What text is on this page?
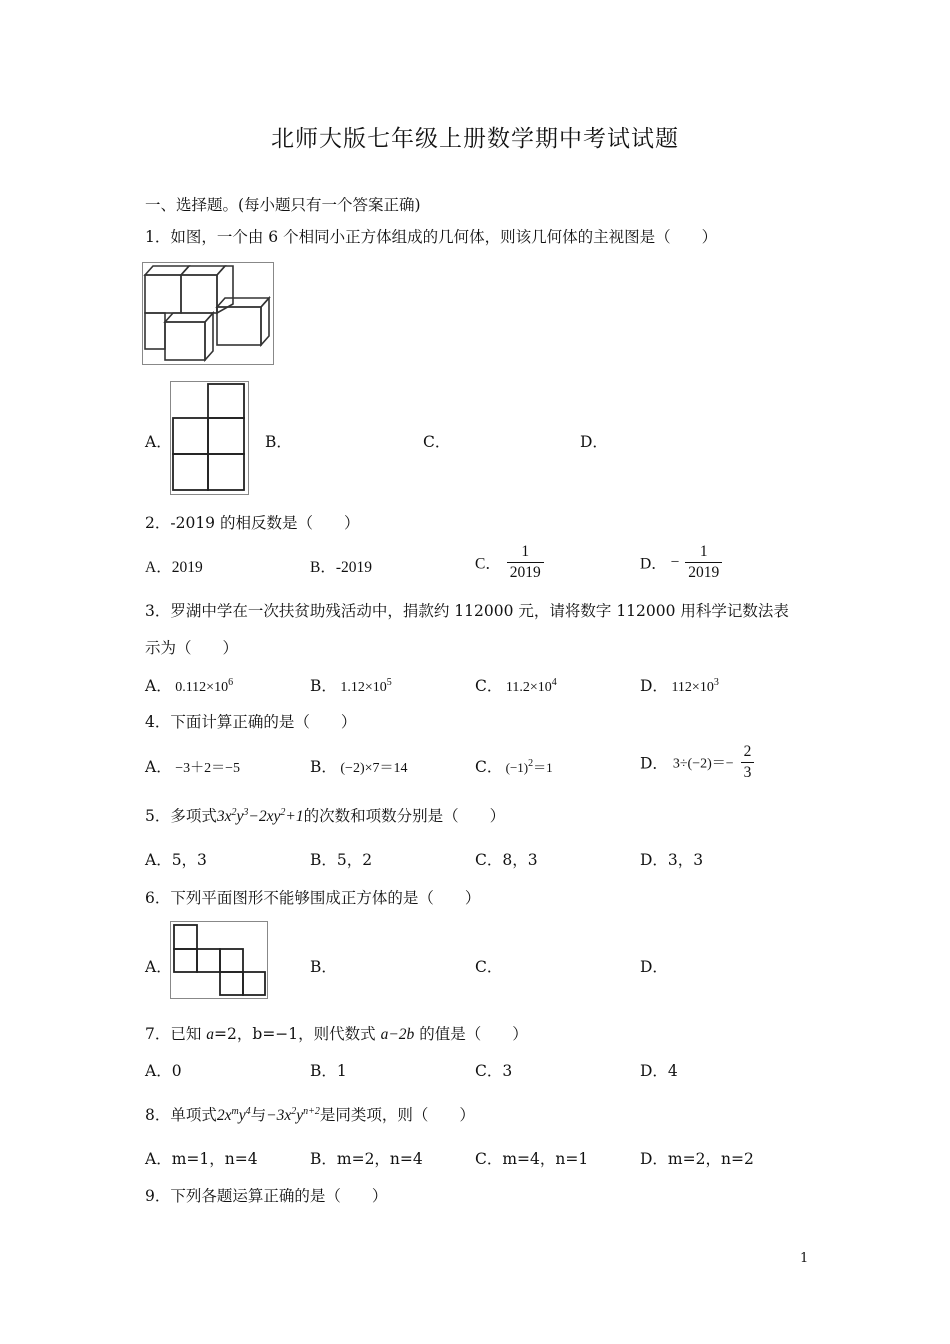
北师大版七年级上册数学期中考试试题
一、选择题。(每小题只有一个答案正确)
1．如图，一个由 6 个相同小正方体组成的几何体，则该几何体的主视图是（　　）
A．	B．	C．	D．
2．-2019 的相反数是（　　）
A．2019	B．-2019	C． $\frac{1}{2019}$	D． − $\frac{1}{2019}$
3．罗湖中学在一次扶贫助残活动中，捐款约 112000 元，请将数字 112000 用科学记数法表
示为（　　）
A． $0.112\times 10^6$	B． $1.12\times 10^5$	C． $11.2\times 10^4$	D． $112\times 10^3$
4．下面计算正确的是（　　）
A． −3＋2＝−5	B． (−2)×7＝14	C． $(-1)^2=1$	D． $3\div(-2)=- \frac{2}{3}$
5．多项式$3x^2y^3-2xy^2+1$的次数和项数分别是（　　）
A．5，3	B．5，2	C．8，3	D．3，3
6．下列平面图形不能够围成正方体的是（　　）
A．	B．	C．	D．
7．已知 a=2，b=−1，则代数式 a−2b 的值是（　　）
A．0	B．1	C．3	D．4
8．单项式$2x^my^4$与$-3x^2y^{n+2}$是同类项，则（　　）
A．m=1，n=4	B．m=2，n=4	C．m=4，n=1	D．m=2，n=2
9．下列各题运算正确的是（　　）
1
